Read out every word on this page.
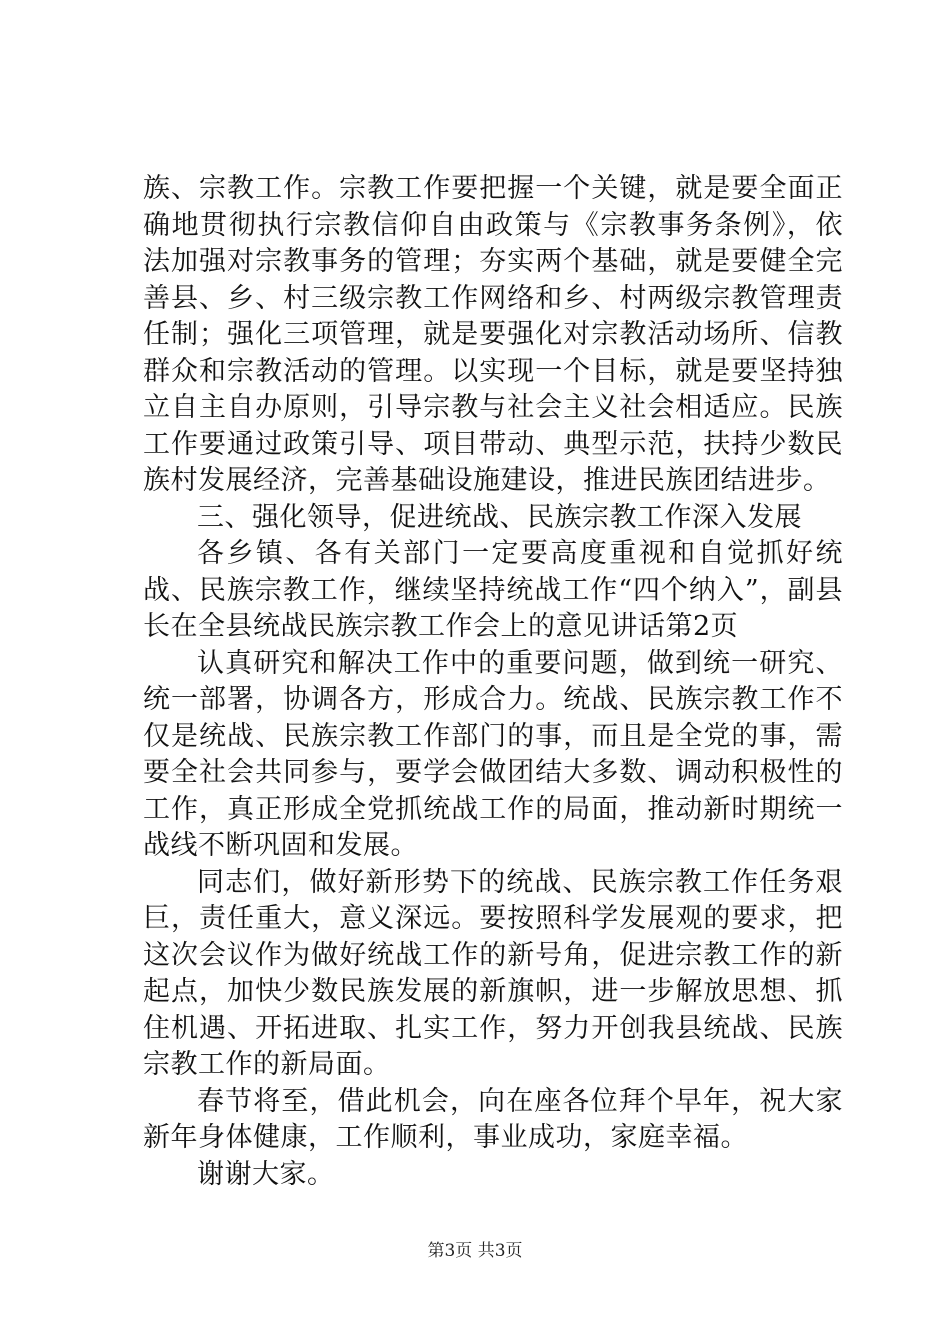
族、宗教工作。宗教工作要把握一个关键，就是要全面正确地贯彻执行宗教信仰自由政策与《宗教事务条例》，依法加强对宗教事务的管理；夯实两个基础，就是要健全完善县、乡、村三级宗教工作网络和乡、村两级宗教管理责任制；强化三项管理，就是要强化对宗教活动场所、信教群众和宗教活动的管理。以实现一个目标，就是要坚持独立自主自办原则，引导宗教与社会主义社会相适应。民族工作要通过政策引导、项目带动、典型示范，扶持少数民族村发展经济，完善基础设施建设，推进民族团结进步。

三、强化领导，促进统战、民族宗教工作深入发展

各乡镇、各有关部门一定要高度重视和自觉抓好统战、民族宗教工作，继续坚持统战工作“四个纳入”，副县长在全县统战民族宗教工作会上的意见讲话第2页

认真研究和解决工作中的重要问题，做到统一研究、统一部署，协调各方，形成合力。统战、民族宗教工作不仅是统战、民族宗教工作部门的事，而且是全党的事，需要全社会共同参与，要学会做团结大多数、调动积极性的工作，真正形成全党抓统战工作的局面，推动新时期统一战线不断巩固和发展。

同志们，做好新形势下的统战、民族宗教工作任务艰巨，责任重大，意义深远。要按照科学发展观的要求，把这次会议作为做好统战工作的新号角，促进宗教工作的新起点，加快少数民族发展的新旗帜，进一步解放思想、抓住机遇、开拓进取、扎实工作，努力开创我县统战、民族宗教工作的新局面。

春节将至，借此机会，向在座各位拜个早年，祝大家新年身体健康，工作顺利，事业成功，家庭幸福。

谢谢大家。

第3页 共3页
